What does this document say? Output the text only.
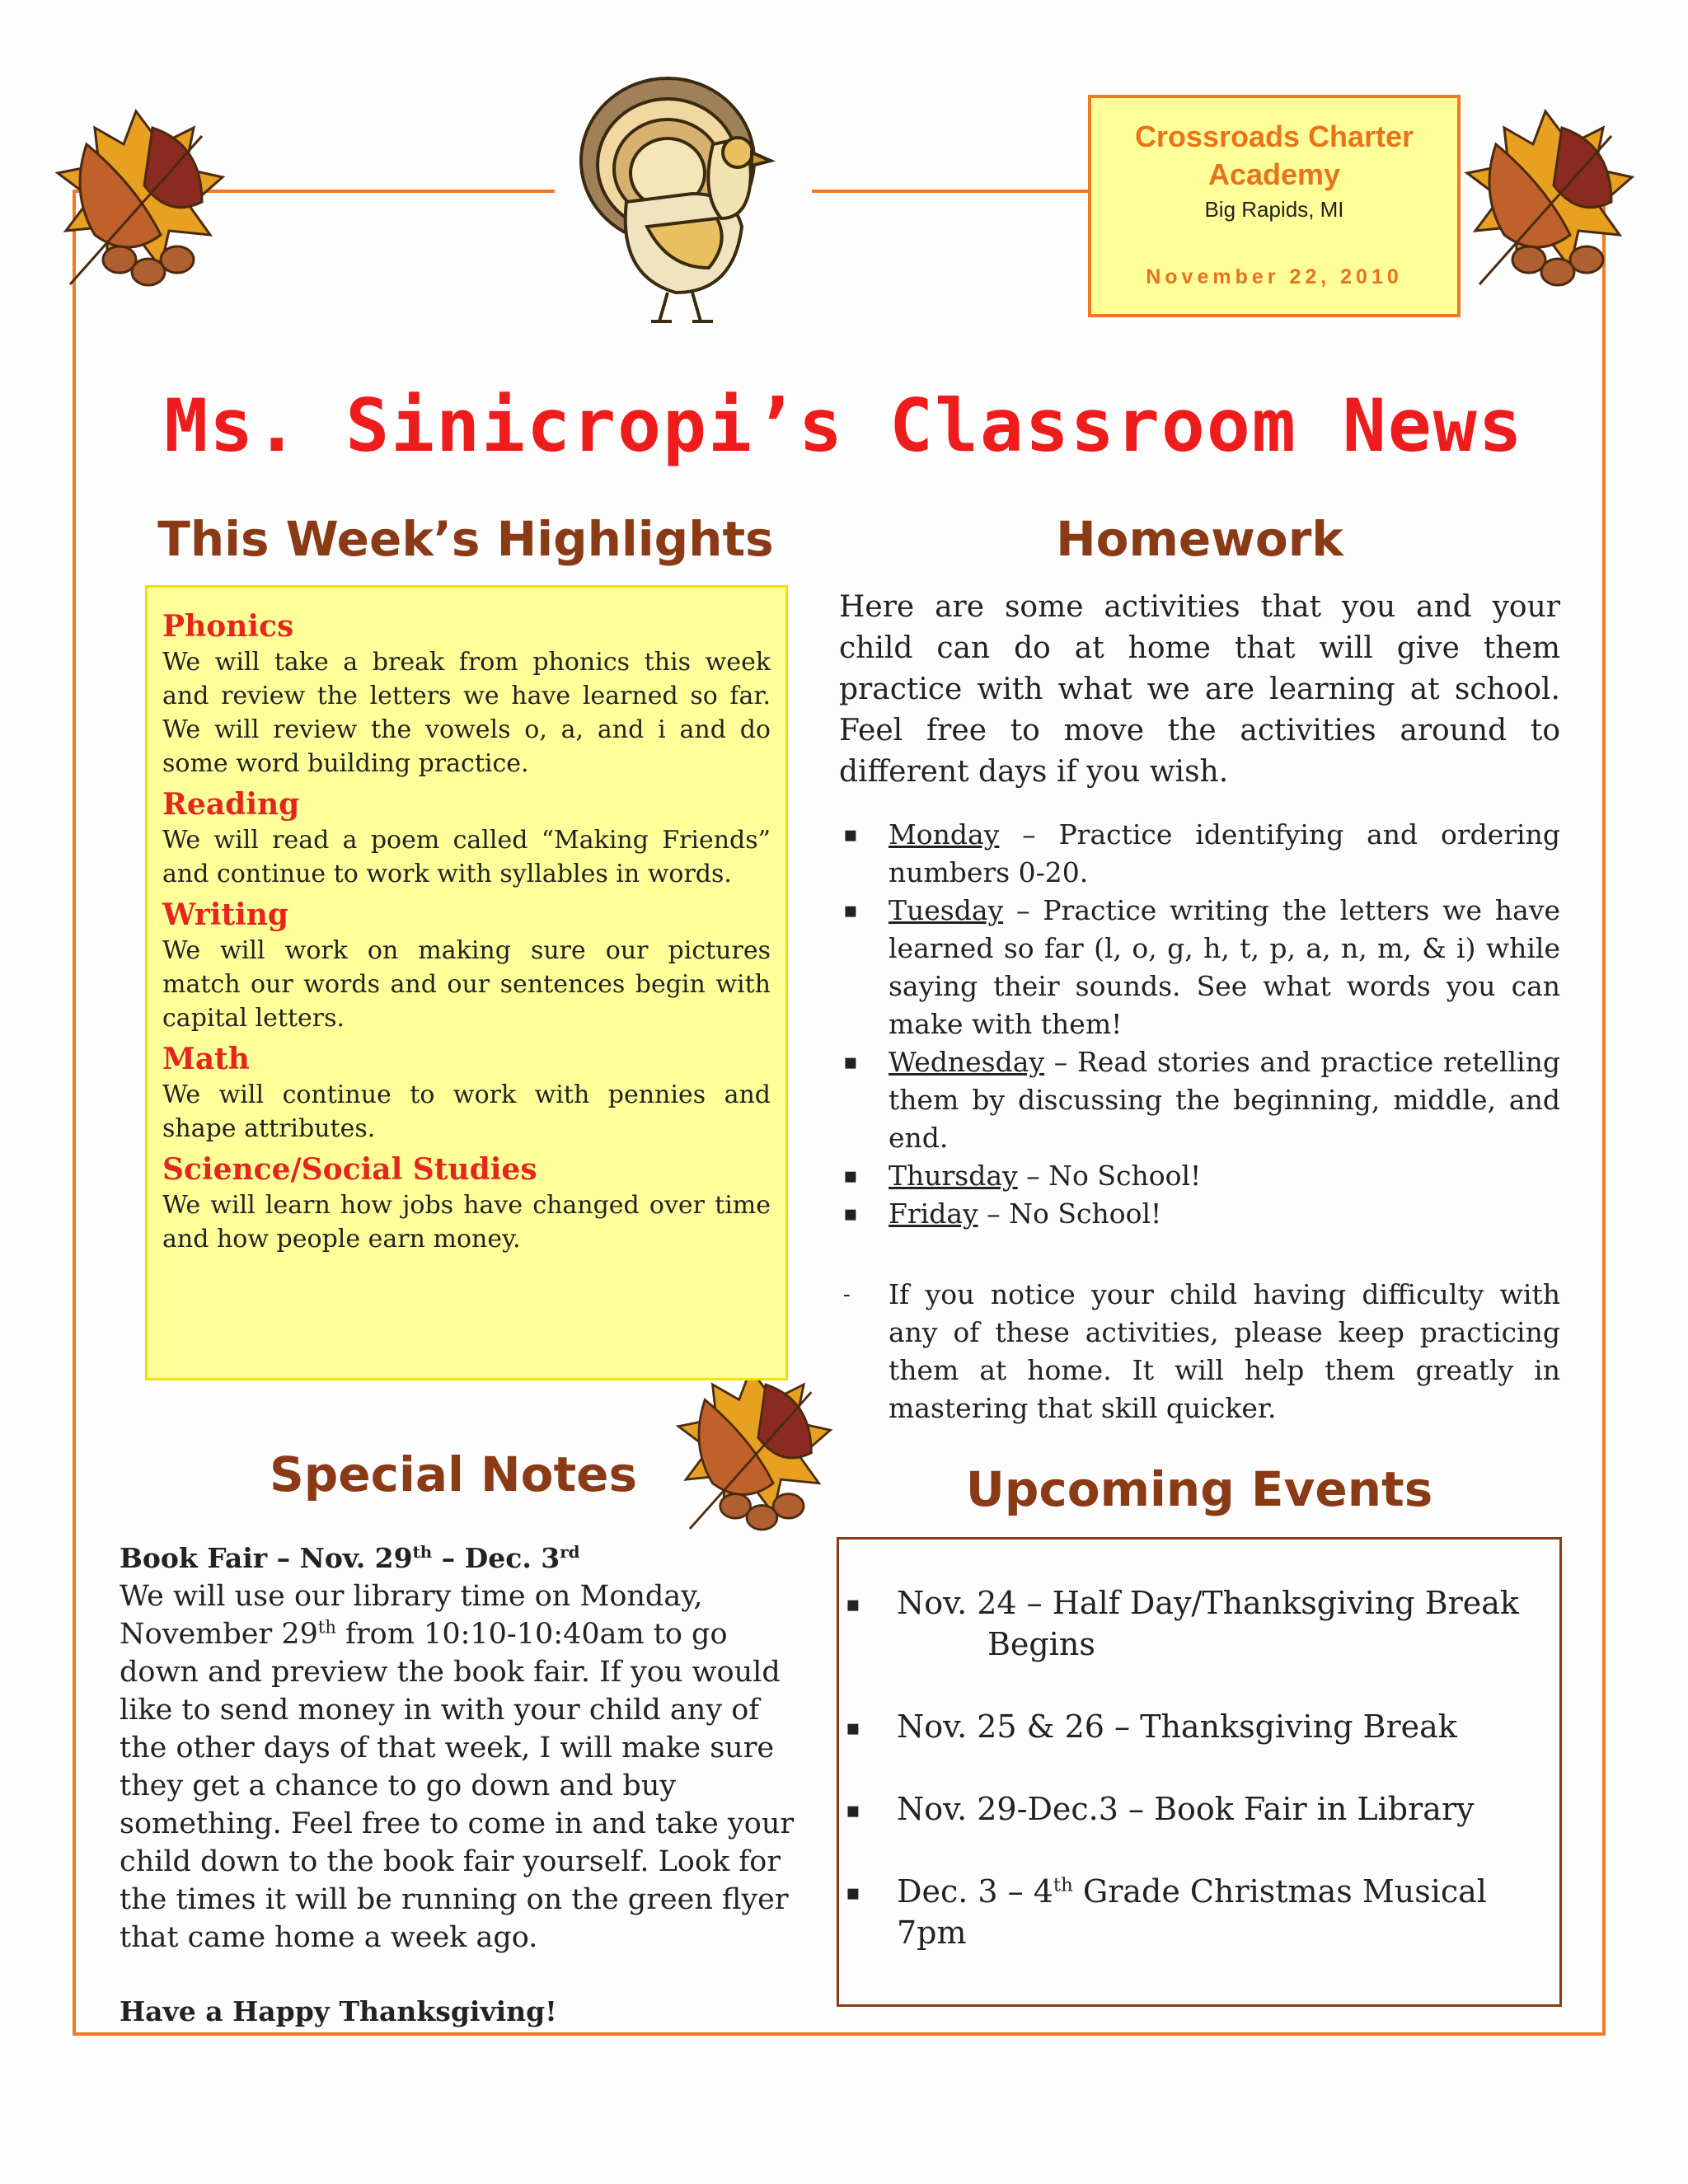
Crossroads Charter Academy
Big Rapids, MI
November 22, 2010
Ms. Sinicropi’s Classroom News
This Week’s Highlights	Homework
Special Notes	Upcoming Events
Phonics
We will take a break from phonics this week and review the letters we have learned so far. We will review the vowels o, a, and i and do some word building practice.
Reading
We will read a poem called “Making Friends” and continue to work with syllables in words.
Writing
We will work on making sure our pictures match our words and our sentences begin with capital letters.
Math
We will continue to work with pennies and shape attributes.
Science/Social Studies
We will learn how jobs have changed over time and how people earn money.
Here are some activities that you and your child can do at home that will give them practice with what we are learning at school. Feel free to move the activities around to different days if you wish.
▪ Monday – Practice identifying and ordering numbers 0-20.
▪ Tuesday – Practice writing the letters we have learned so far (l, o, g, h, t, p, a, n, m, & i) while saying their sounds. See what words you can make with them!
▪ Wednesday – Read stories and practice retelling them by discussing the beginning, middle, and end.
▪ Thursday – No School!
▪ Friday – No School!
- If you notice your child having difficulty with any of these activities, please keep practicing them at home. It will help them greatly in mastering that skill quicker.
Book Fair – Nov. 29th – Dec. 3rd
We will use our library time on Monday, November 29th from 10:10-10:40am to go down and preview the book fair. If you would like to send money in with your child any of the other days of that week, I will make sure they get a chance to go down and buy something. Feel free to come in and take your child down to the book fair yourself. Look for the times it will be running on the green flyer that came home a week ago.
Have a Happy Thanksgiving!
▪ Nov. 24 – Half Day/Thanksgiving Break
Begins
▪ Nov. 25 & 26 – Thanksgiving Break
▪ Nov. 29-Dec.3 – Book Fair in Library
▪ Dec. 3 – 4th Grade Christmas Musical 7pm
